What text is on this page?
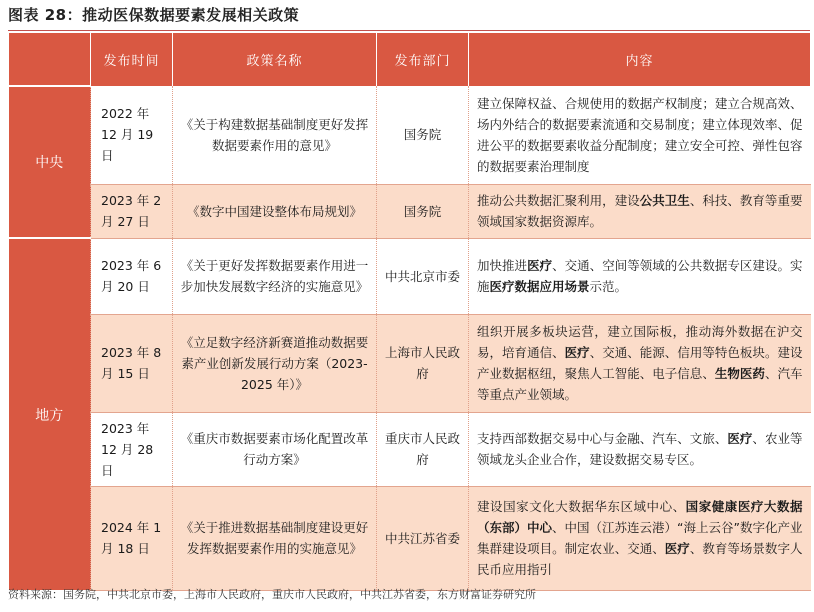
图表 28：推动医保数据要素发展相关政策
	发布时间	政策名称	发布部门	内容
中央	2022 年 12 月 19 日	《关于构建数据基础制度更好发挥数据要素作用的意见》	国务院	建立保障权益、合规使用的数据产权制度；建立合规高效、场内外结合的数据要素流通和交易制度；建立体现效率、促进公平的数据要素收益分配制度；建立安全可控、弹性包容的数据要素治理制度
	2023 年 2 月 27 日	《数字中国建设整体布局规划》	国务院	推动公共数据汇聚利用，建设公共卫生、科技、教育等重要领域国家数据资源库。
地方	2023 年 6 月 20 日	《关于更好发挥数据要素作用进一步加快发展数字经济的实施意见》	中共北京市委	加快推进医疗、交通、空间等领域的公共数据专区建设。实施医疗数据应用场景示范。
	2023 年 8 月 15 日	《立足数字经济新赛道推动数据要素产业创新发展行动方案（2023-2025 年）》	上海市人民政府	组织开展多板块运营，建立国际板，推动海外数据在沪交易，培育通信、医疗、交通、能源、信用等特色板块。建设产业数据枢纽，聚焦人工智能、电子信息、生物医药、汽车等重点产业领域。
	2023 年 12 月 28 日	《重庆市数据要素市场化配置改革行动方案》	重庆市人民政府	支持西部数据交易中心与金融、汽车、文旅、医疗、农业等领域龙头企业合作，建设数据交易专区。
	2024 年 1 月 18 日	《关于推进数据基础制度建设更好发挥数据要素作用的实施意见》	中共江苏省委	建设国家文化大数据华东区域中心、国家健康医疗大数据（东部）中心、中国（江苏连云港）“海上云谷”数字化产业集群建设项目。制定农业、交通、医疗、教育等场景数字人民币应用指引
资料来源：国务院，中共北京市委，上海市人民政府，重庆市人民政府，中共江苏省委，东方财富证券研究所
